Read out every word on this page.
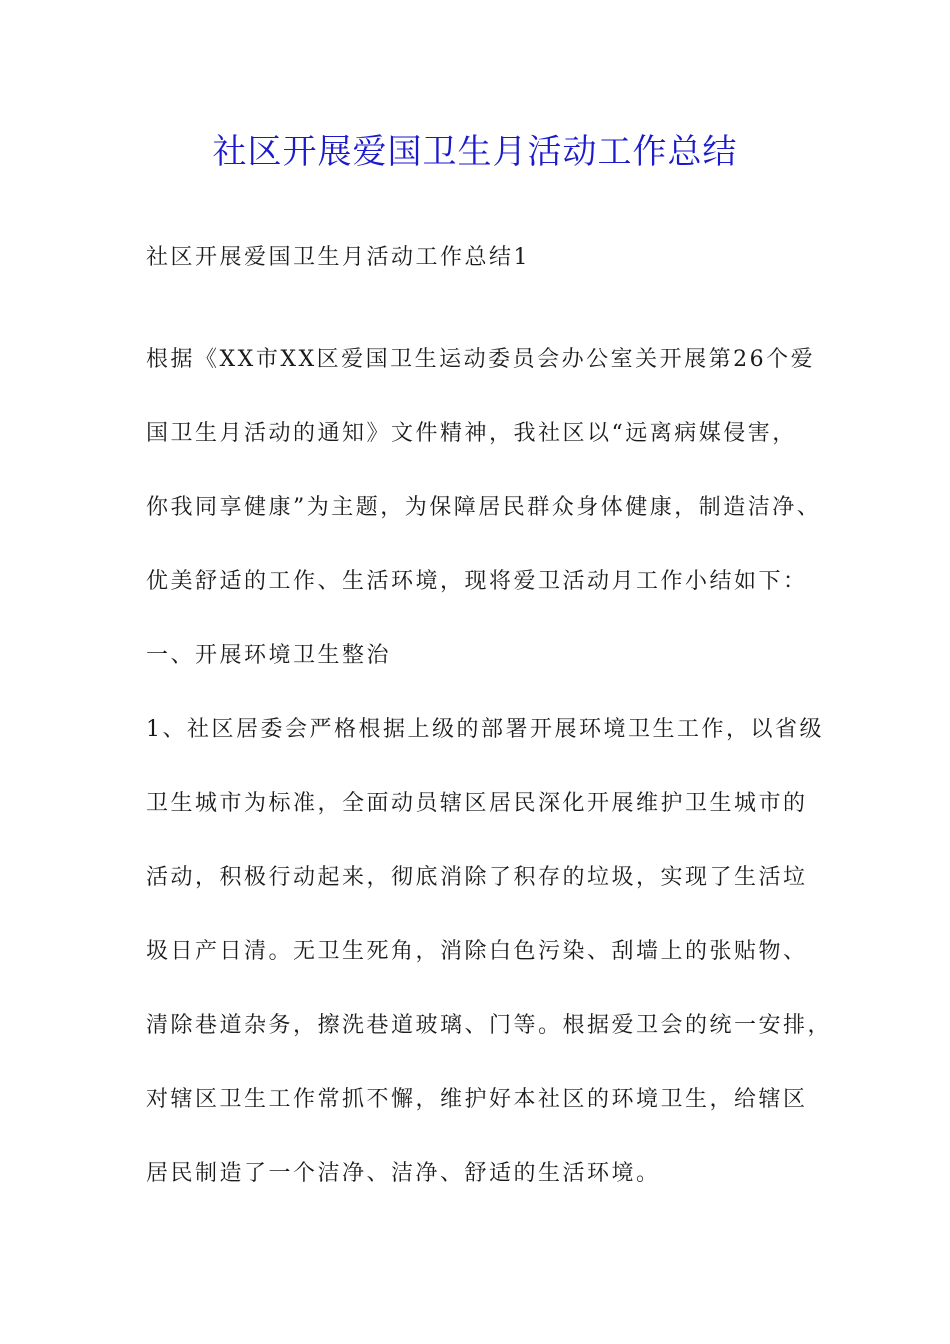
社区开展爱国卫生月活动工作总结
社区开展爱国卫生月活动工作总结1
根据《XX市XX区爱国卫生运动委员会办公室关开展第26个爱
国卫生月活动的通知》文件精神，我社区以“远离病媒侵害，
你我同享健康”为主题，为保障居民群众身体健康，制造洁净、
优美舒适的工作、生活环境，现将爱卫活动月工作小结如下：
一、开展环境卫生整治
1、社区居委会严格根据上级的部署开展环境卫生工作，以省级
卫生城市为标准，全面动员辖区居民深化开展维护卫生城市的
活动，积极行动起来，彻底消除了积存的垃圾，实现了生活垃
圾日产日清。无卫生死角，消除白色污染、刮墙上的张贴物、
清除巷道杂务，擦洗巷道玻璃、门等。根据爱卫会的统一安排，
对辖区卫生工作常抓不懈，维护好本社区的环境卫生，给辖区
居民制造了一个洁净、洁净、舒适的生活环境。
